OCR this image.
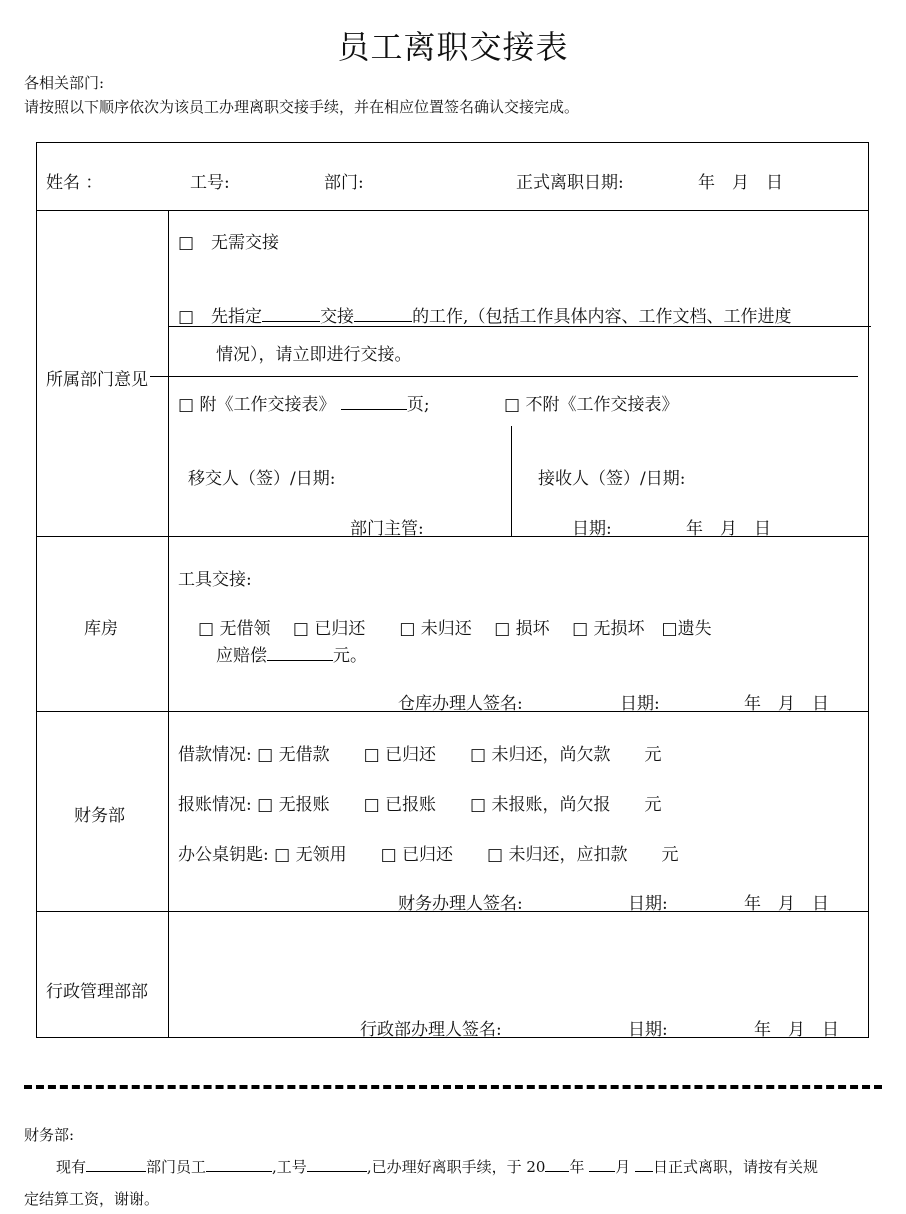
员工离职交接表
各相关部门:
请按照以下顺序依次为该员工办理离职交接手续，并在相应位置签名确认交接完成。
姓名 ：	工号:	部门:	正式离职日期:	年　月　日
所属部门意见
□　无需交接
□　先指定	交接	的工作,（包括工作具体内容、工作文档、工作进度
情况），请立即进行交接。
□ 附《工作交接表》	页;	□ 不附《工作交接表》
移交人（签）/日期:	接收人（签）/日期:
部门主管:	日期:	年　月　日
库房
工具交接:
□ 无借领　 □ 已归还　　□ 未归还　 □ 损坏　 □ 无损坏　□遗失
应赔偿	元。
仓库办理人签名:	日期:	年　月　日
财务部
借款情况: □ 无借款　　□ 已归还　　□ 未归还，尚欠款　　元
报账情况: □ 无报账　　□ 已报账　　□ 未报账，尚欠报　　元
办公桌钥匙: □ 无领用　　□ 已归还　　□ 未归还，应扣款　　元
财务办理人签名:	日期:	年　月　日
行政管理部部
行政部办理人签名:	日期:	年　月　日
财务部:
现有	部门员工	,工号	,已办理好离职手续，于 20 年 月 日正式离职，请按有关规
定结算工资，谢谢。
